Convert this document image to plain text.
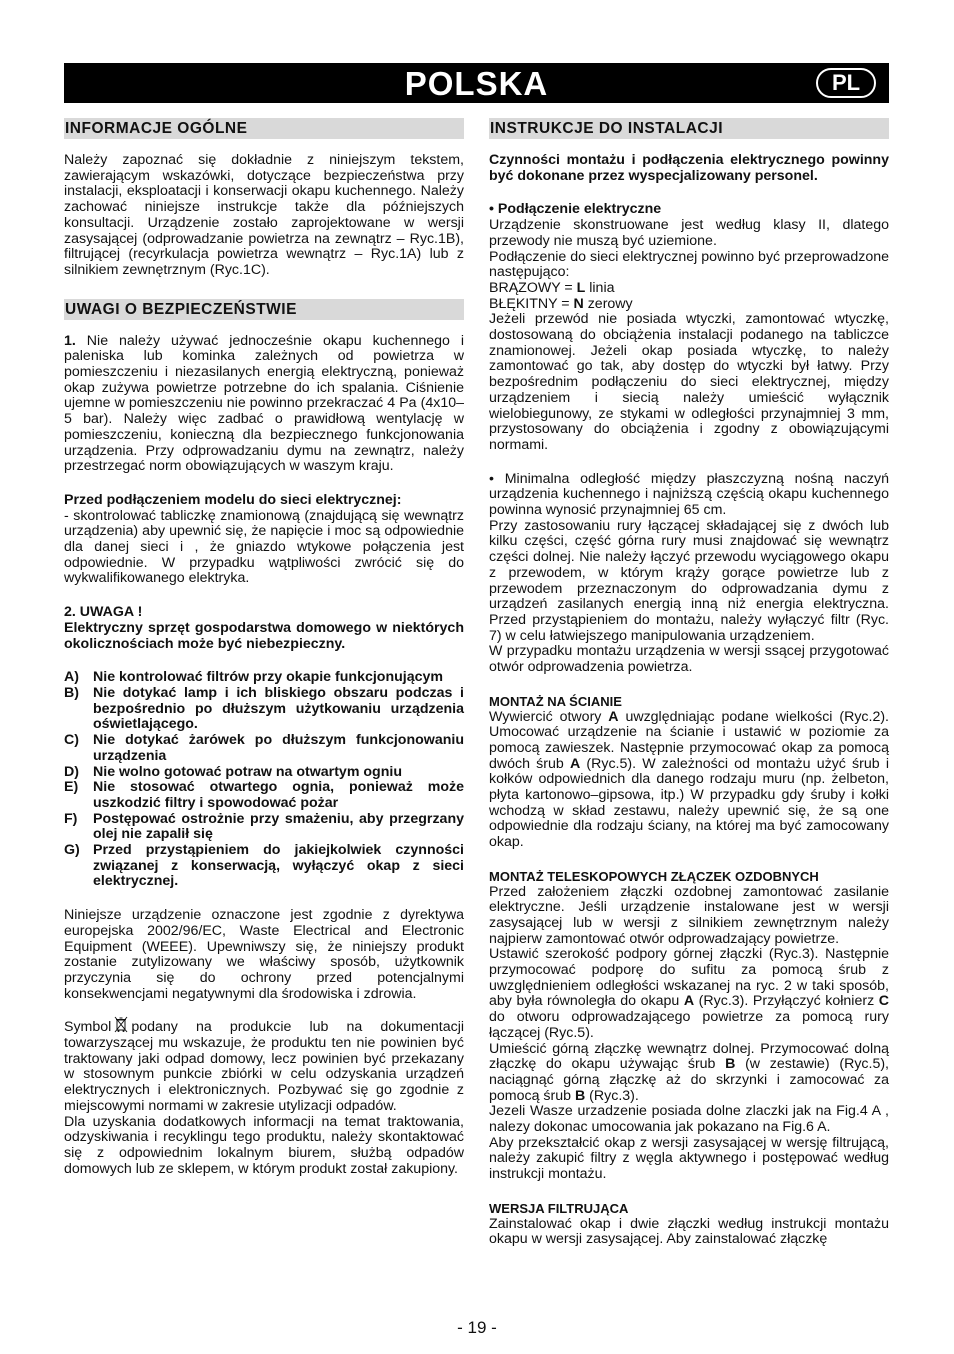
POLSKA	PL
INFORMACJE OGÓLNE

Należy zapoznać się dokładnie z niniejszym tekstem, zawierającym wskazówki, dotyczące bezpieczeństwa przy instalacji, eksploatacji i konserwacji okapu kuchennego. Należy zachować niniejsze instrukcje także dla późniejszych konsultacji. Urządzenie zostało zaprojektowane w wersji zasysającej (odprowadzanie powietrza na zewnątrz – Ryc.1B), filtrującej (recyrkulacja powietrza wewnątrz – Ryc.1A) lub z silnikiem zewnętrznym (Ryc.1C).

UWAGI O BEZPIECZEŃSTWIE

1. Nie należy używać jednocześnie okapu kuchennego i paleniska lub kominka zależnych od powietrza w pomieszczeniu i niezasilanych energią elektryczną, ponieważ okap zużywa powietrze potrzebne do ich spalania. Ciśnienie ujemne w pomieszczeniu nie powinno przekraczać 4 Pa (4x10–5 bar). Należy więc zadbać o prawidłową wentylację w pomieszczeniu, konieczną dla bezpiecznego funkcjonowania urządzenia. Przy odprowadzaniu dymu na zewnątrz, należy przestrzegać norm obowiązujących w waszym kraju.

Przed podłączeniem modelu do sieci elektrycznej:

- skontrolować tabliczkę znamionową (znajdującą się wewnątrz urządzenia) aby upewnić się, że napięcie i moc są odpowiednie dla danej sieci i , że gniazdo wtykowe połączenia jest odpowiednie. W przypadku wątpliwości zwrócić się do wykwalifikowanego elektryka.

2. UWAGA !

Elektryczny sprzęt gospodarstwa domowego w niektórych okolicznościach może być niebezpieczny.

A) Nie kontrolować filtrów przy okapie funkcjonującym
B) Nie dotykać lamp i ich bliskiego obszaru podczas i bezpośrednio po dłuższym użytkowaniu urządzenia oświetlającego.
C) Nie dotykać żarówek po dłuższym funkcjonowaniu urządzenia
D) Nie wolno gotować potraw na otwartym ogniu
E)	Nie stosować otwartego ognia, ponieważ może uszkodzić filtry i spowodować pożar
F)	Postępować ostrożnie przy smażeniu, aby przegrzany olej nie zapalił się
G) Przed przystąpieniem do jakiejkolwiek czynności związanej z konserwacją, wyłączyć okap z sieci elektrycznej.

Niniejsze urządzenie oznaczone jest zgodnie z dyrektywa europejska 2002/96/EC, Waste Electrical and Electronic Equipment (WEEE). Upewniwszy się, że niniejszy produkt zostanie zutylizowany we właściwy sposób, użytkownik przyczynia się do ochrony przed potencjalnymi konsekwencjami negatywnymi dla środowiska i zdrowia.

Symbol podany na produkcie lub na dokumentacji towarzyszącej mu wskazuje, że produktu ten nie powinien być traktowany jaki odpad domowy, lecz powinien być przekazany w stosownym punkcie zbiórki w celu odzyskania urządzeń elektrycznych i elektronicznych. Pozbywać się go zgodnie z miejscowymi normami w zakresie utylizacji odpadów.

Dla uzyskania dodatkowych informacji na temat traktowania, odzyskiwania i recyklingu tego produktu, należy skontaktować się z odpowiednim lokalnym biurem, służbą odpadów domowych lub ze sklepem, w którym produkt został zakupiony.

INSTRUKCJE DO INSTALACJI

Czynności montażu i podłączenia elektrycznego powinny być dokonane przez wyspecjalizowany personel.

• Podłączenie elektryczne

Urządzenie skonstruowane jest według klasy II, dlatego przewody nie muszą być uziemione.

Podłączenie do sieci elektrycznej powinno być przeprowadzone następująco:

BRĄZOWY = L linia

BŁĘKITNY = N zerowy

Jeżeli przewód nie posiada wtyczki, zamontować wtyczkę, dostosowaną do obciążenia instalacji podanego na tabliczce znamionowej. Jeżeli okap posiada wtyczkę, to należy zamontować go tak, aby dostęp do wtyczki był łatwy. Przy bezpośrednim podłączeniu do sieci elektrycznej, między urządzeniem i siecią należy umieścić wyłącznik wielobiegunowy, ze stykami w odległości przynajmniej 3 mm, przystosowany do obciążenia i zgodny z obowiązującymi normami.

• Minimalna odległość między płaszczyzną nośną naczyń urządzenia kuchennego i najniższą częścią okapu kuchennego powinna wynosić przynajmniej 65 cm.

Przy zastosowaniu rury łączącej składającej się z dwóch lub kilku części, część górna rury musi znajdować się wewnątrz części dolnej. Nie należy łączyć przewodu wyciągowego okapu z przewodem, w którym krąży gorące powietrze lub z przewodem przeznaczonym do odprowadzania dymu z urządzeń zasilanych energią inną niż energia elektryczna. Przed przystąpieniem do montażu, należy wyłączyć filtr (Ryc. 7) w celu łatwiejszego manipulowania urządzeniem.

W przypadku montażu urządzenia w wersji ssącej przygotować otwór odprowadzenia powietrza.

MONTAŻ NA ŚCIANIE

Wywiercić otwory A uwzględniając podane wielkości (Ryc.2). Umocować urządzenie na ścianie i ustawić w poziomie za pomocą zawieszek. Następnie przymocować okap za pomocą dwóch śrub A (Ryc.5). W zależności od montażu użyć śrub i kołków odpowiednich dla danego rodzaju muru (np. żelbeton, płyta kartonowo–gipsowa, itp.) W przypadku gdy śruby i kołki wchodzą w skład zestawu, należy upewnić się, że są one odpowiednie dla rodzaju ściany, na której ma być zamocowany okap.

MONTAŻ TELESKOPOWYCH ZŁĄCZEK OZDOBNYCH

Przed założeniem złączki ozdobnej zamontować zasilanie elektryczne. Jeśli urządzenie instalowane jest w wersji zasysającej lub w wersji z silnikiem zewnętrznym należy najpierw zamontować otwór odprowadzający powietrze.

Ustawić szerokość podpory górnej złączki (Ryc.3). Następnie przymocować podporę do sufitu za pomocą śrub z uwzględnieniem odległości wskazanej na ryc. 2 w taki sposób, aby była równoległa do okapu A (Ryc.3). Przyłączyć kołnierz C do otworu odprowadzającego powietrze za pomocą rury łączącej (Ryc.5).

Umieścić górną złączkę wewnątrz dolnej. Przymocować dolną złączkę do okapu używając śrub B (w zestawie) (Ryc.5), naciągnąć górną złączkę aż do skrzynki i zamocować za pomocą śrub B (Ryc.3).

Jezeli Wasze urzadzenie posiada dolne zlaczki jak na Fig.4 A , nalezy dokonac umocowania jak pokazano na Fig.6 A.

Aby przekształcić okap z wersji zasysającej w wersję filtrującą, należy zakupić filtry z węgla aktywnego i postępować według instrukcji montażu.

WERSJA FILTRUJĄCA

Zainstalować okap i dwie złączki według instrukcji montażu okapu w wersji zasysającej. Aby zainstalować złączkę

- 19 -
